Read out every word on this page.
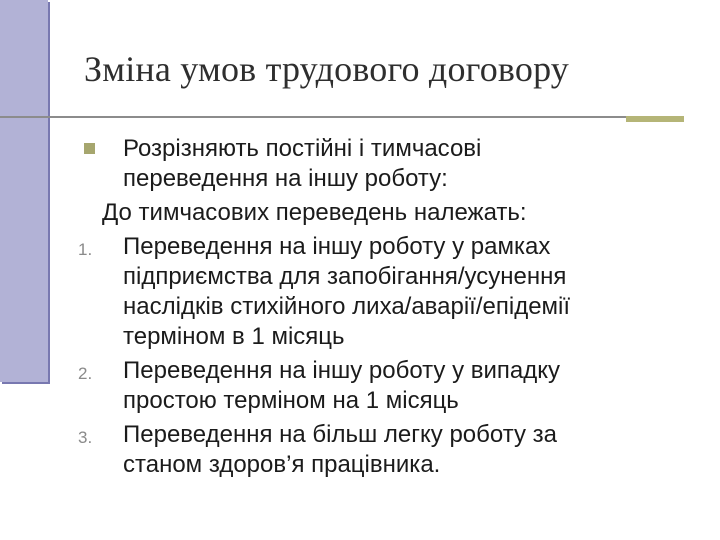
Зміна умов трудового договору
Розрізняють постійні і тимчасові
переведення на іншу роботу:
До тимчасових переведень належать:
1. Переведення на іншу роботу у рамках
підприємства для запобігання/усунення
наслідків стихійного лиха/аварії/епідемії
терміном в 1 місяць
2. Переведення на іншу роботу у випадку
простою терміном на 1 місяць
3. Переведення на більш легку роботу за
станом здоров’я працівника.
